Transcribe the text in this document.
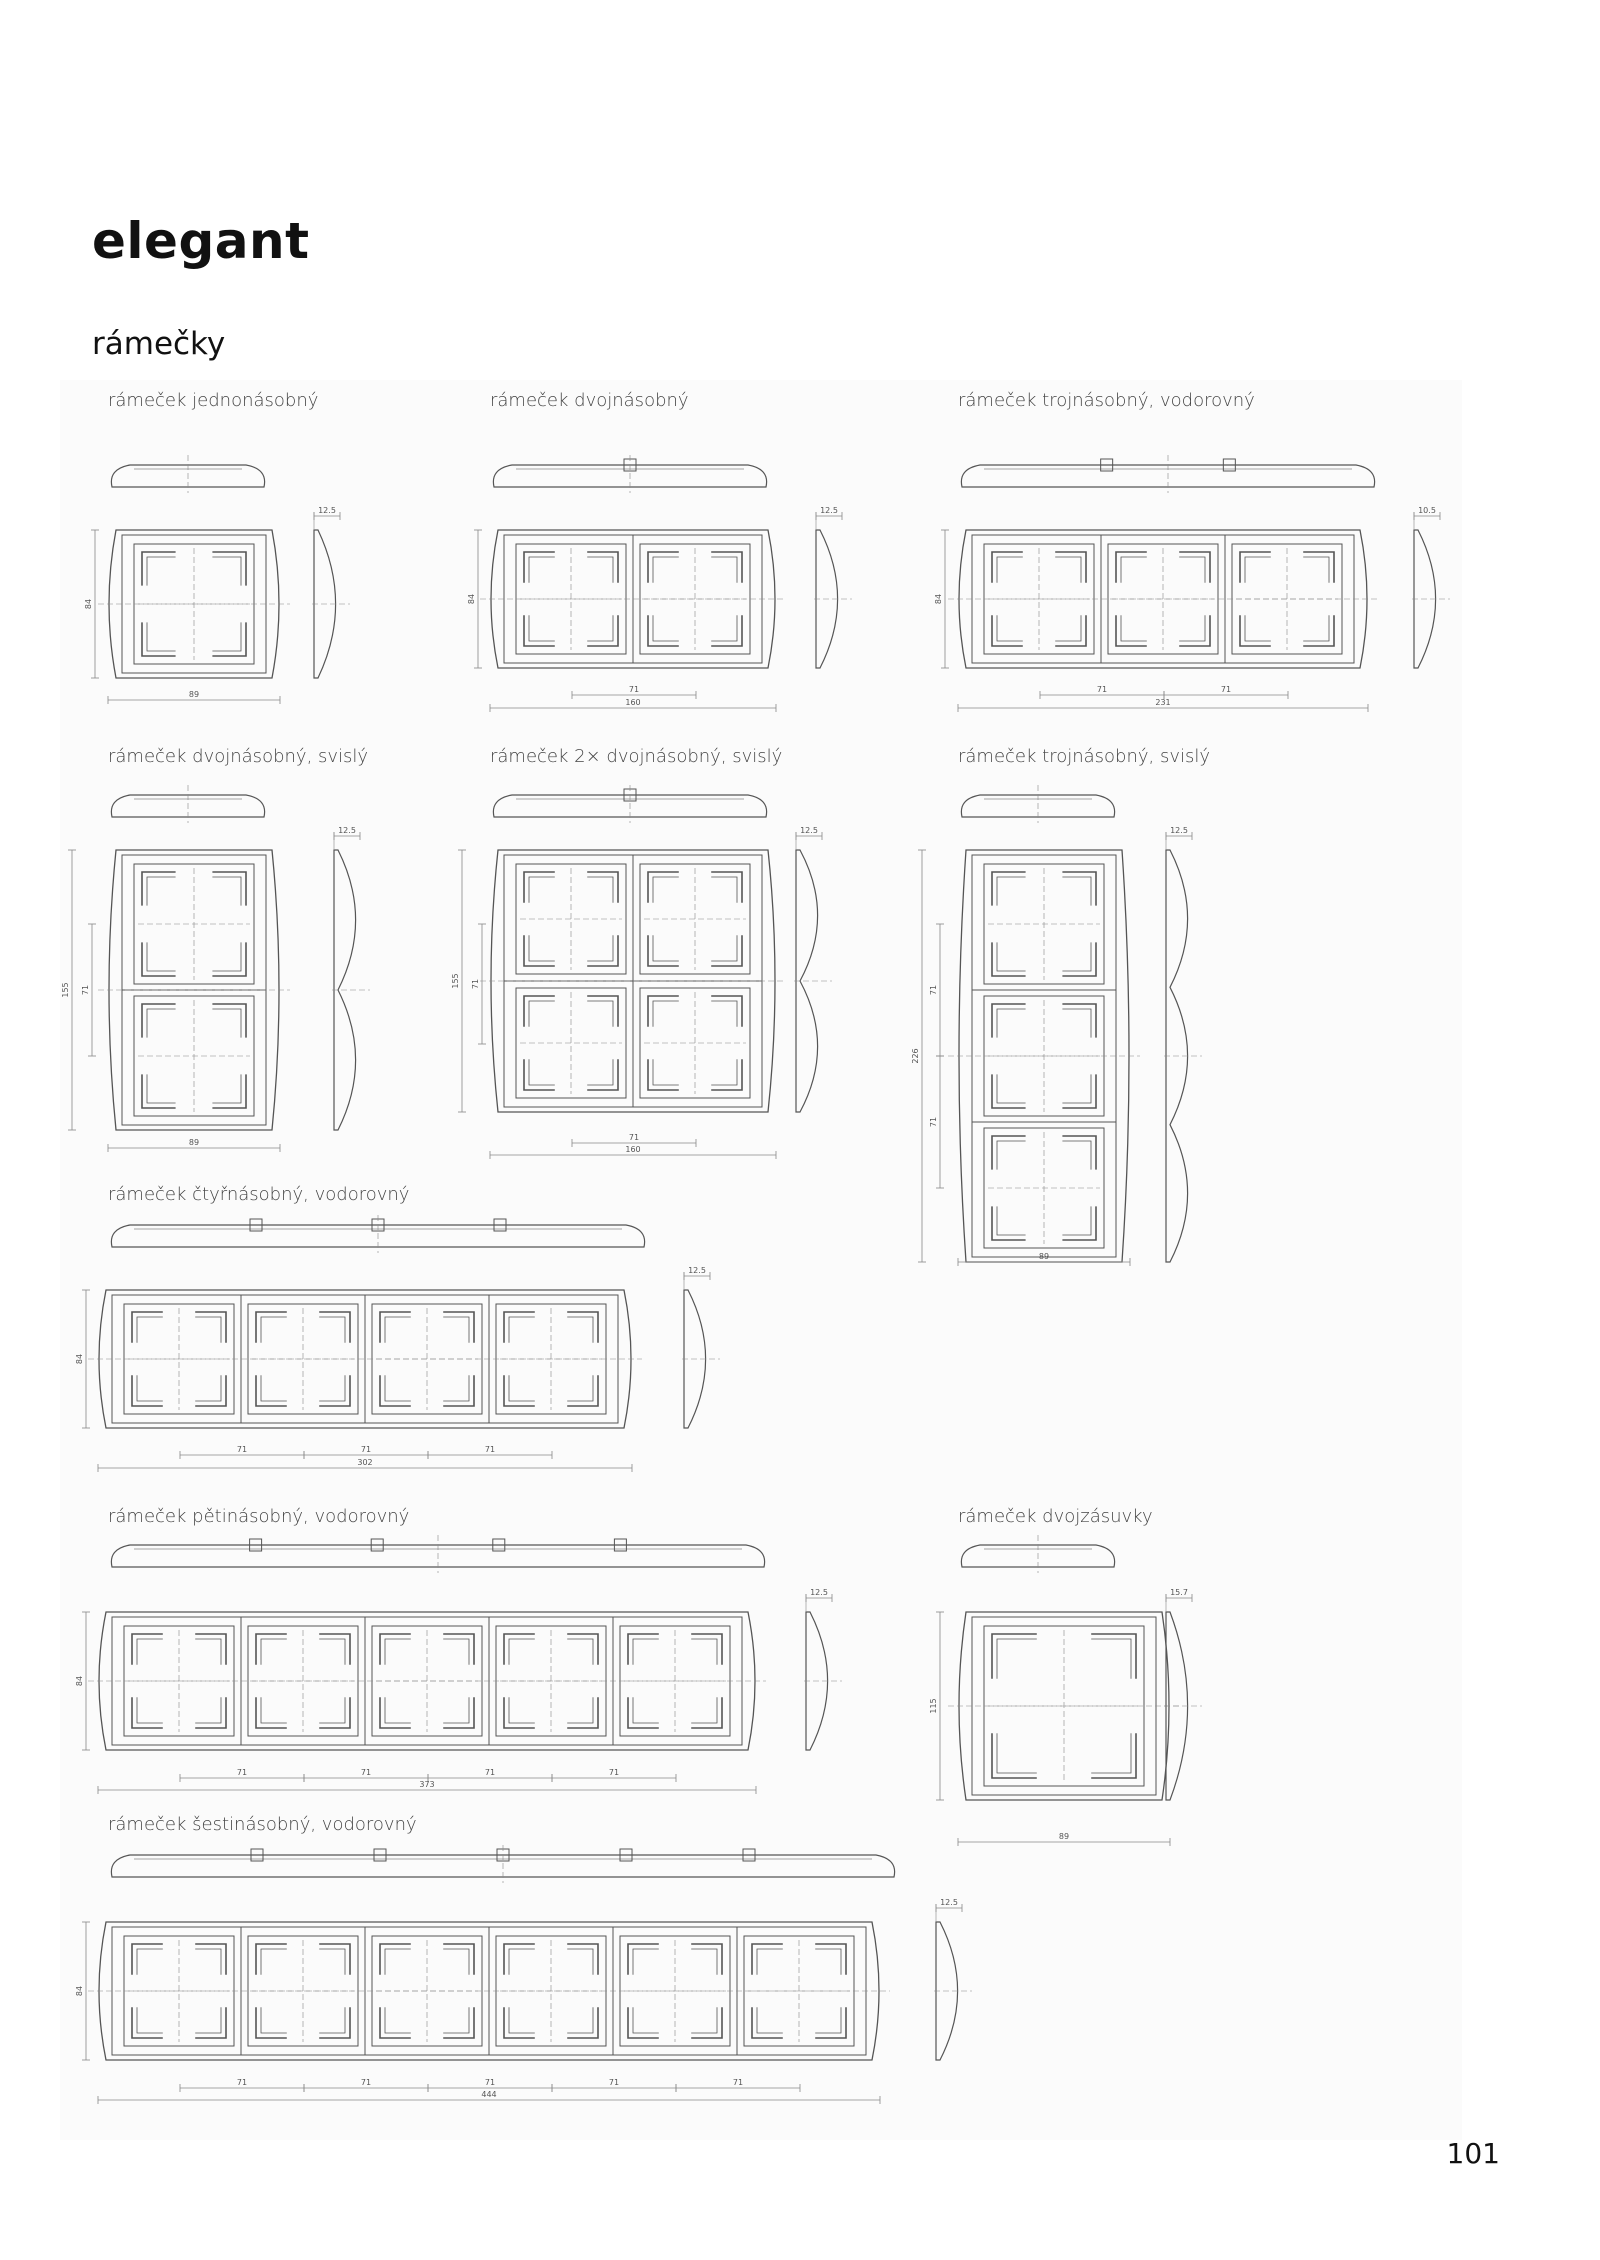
elegant
rámečky
rámeček jednonásobný	rámeček dvojnásobný	rámeček trojnásobný, vodorovný
rámeček dvojnásobný, svislý	rámeček 2× dvojnásobný, svislý	rámeček trojnásobný, svislý
rámeček čtyřnásobný, vodorovný
rámeček pětinásobný, vodorovný	rámeček dvojzásuvky
rámeček šestinásobný, vodorovný
84
89
12.5
84
71
160
12.5
84
71	71
231
10.5
155 71
89
12.5
155 71
71
160
12.5
226
71
71
89
12.5
84
71	71	71
302
12.5
84
71	71	71	71
373
12.5
115
89
15.7
84
71	71	71	71	71
444
12.5
101
